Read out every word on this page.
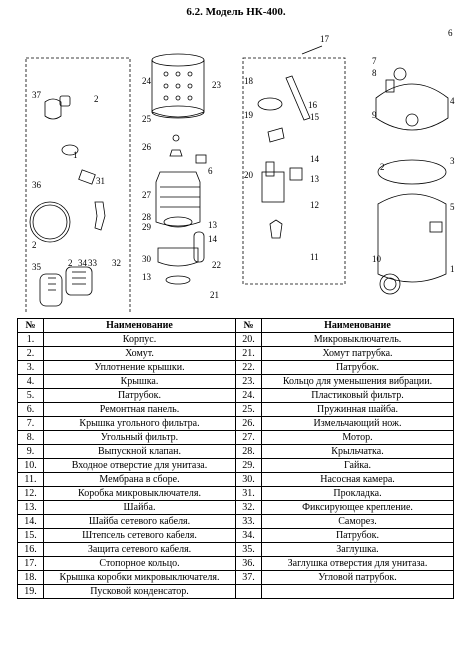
6.2. Модель НК-400.
37	2
1
36	31
2
35	2 34 33 32
24	23
25
26
27
6
28
29
30
13
14
22
21
13
17
16
15
18
19
14
20	13
12
11
6
7
8
4
9
2
3
5
10
1
№	Наименование	№	Наименование
1.	Корпус.	20.	Микровыключатель.
2.	Хомут.	21.	Хомут патрубка.
3.	Уплотнение крышки.	22.	Патрубок.
4.	Крышка.	23.	Кольцо для уменьшения вибрации.
5.	Патрубок.	24.	Пластиковый фильтр.
6.	Ремонтная панель.	25.	Пружинная шайба.
7.	Крышка угольного фильтра.	26.	Измельчающий нож.
8.	Угольный фильтр.	27.	Мотор.
9.	Выпускной клапан.	28.	Крыльчатка.
10.	Входное отверстие для унитаза.	29.	Гайка.
11.	Мембрана в сборе.	30.	Насосная камера.
12.	Коробка микровыключателя.	31.	Прокладка.
13.	Шайба.	32.	Фиксирующее крепление.
14.	Шайба сетевого кабеля.	33.	Саморез.
15.	Штепсель сетевого кабеля.	34.	Патрубок.
16.	Защита сетевого кабеля.	35.	Заглушка.
17.	Стопорное кольцо.	36.	Заглушка отверстия для унитаза.
18.	Крышка коробки микровыключателя.	37.	Угловой патрубок.
19.	Пусковой конденсатор.		
